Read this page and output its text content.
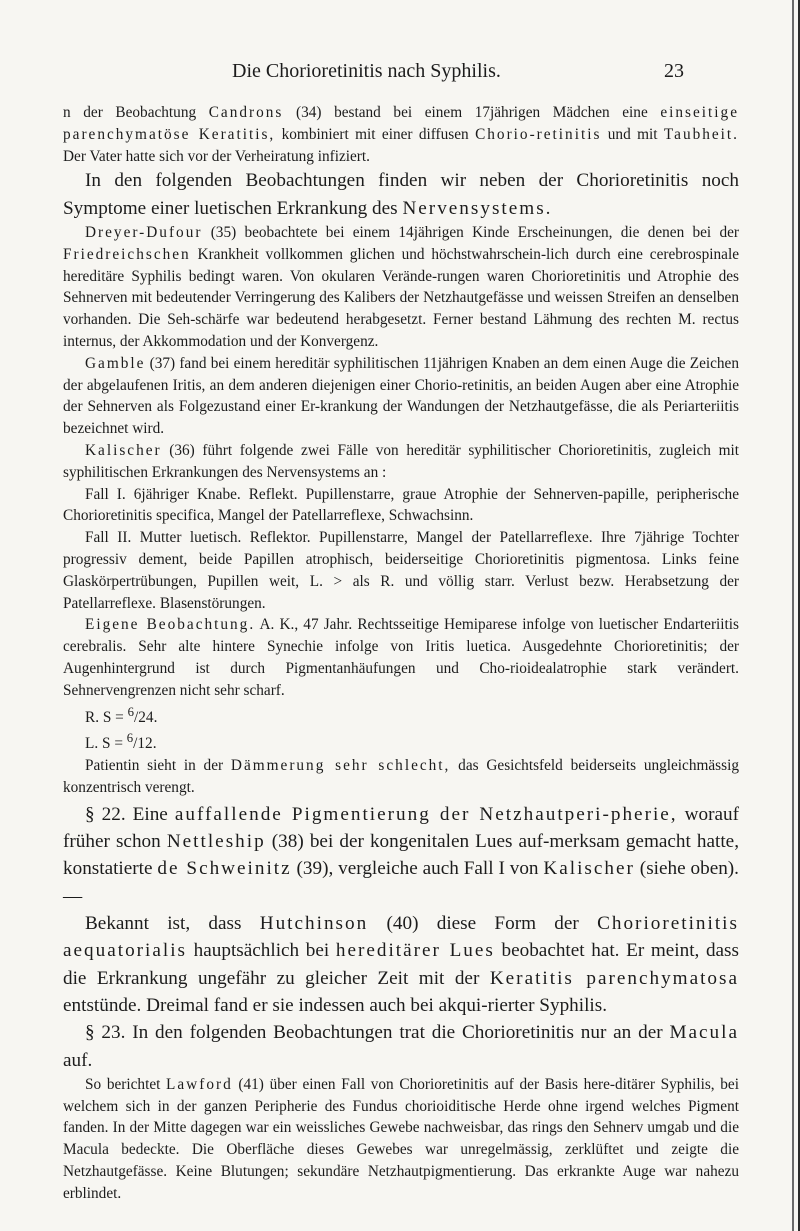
Die Chorioretinitis nach Syphilis.	23

n der Beobachtung Candrons (34) bestand bei einem 17jährigen Mädchen eine einseitige parenchymatöse Keratitis, kombiniert mit einer diffusen Chorio-retinitis und mit Taubheit. Der Vater hatte sich vor der Verheiratung infiziert.

In den folgenden Beobachtungen finden wir neben der Chorioretinitis noch Symptome einer luetischen Erkrankung des Nervensystems.

Dreyer-Dufour (35) beobachtete bei einem 14jährigen Kinde Erscheinungen, die denen bei der Friedreichschen Krankheit vollkommen glichen und höchstwahrschein-lich durch eine cerebrospinale hereditäre Syphilis bedingt waren. Von okularen Verände-rungen waren Chorioretinitis und Atrophie des Sehnerven mit bedeutender Verringerung des Kalibers der Netzhautgefässe und weissen Streifen an denselben vorhanden. Die Seh-schärfe war bedeutend herabgesetzt. Ferner bestand Lähmung des rechten M. rectus internus, der Akkommodation und der Konvergenz.

Gamble (37) fand bei einem hereditär syphilitischen 11jährigen Knaben an dem einen Auge die Zeichen der abgelaufenen Iritis, an dem anderen diejenigen einer Chorio-retinitis, an beiden Augen aber eine Atrophie der Sehnerven als Folgezustand einer Er-krankung der Wandungen der Netzhautgefässe, die als Periarteriitis bezeichnet wird.

Kalischer (36) führt folgende zwei Fälle von hereditär syphilitischer Chorioretinitis, zugleich mit syphilitischen Erkrankungen des Nervensystems an :

Fall I. 6jähriger Knabe. Reflekt. Pupillenstarre, graue Atrophie der Sehnerven-papille, peripherische Chorioretinitis specifica, Mangel der Patellarreflexe, Schwachsinn.

Fall II. Mutter luetisch. Reflektor. Pupillenstarre, Mangel der Patellarreflexe. Ihre 7jährige Tochter progressiv dement, beide Papillen atrophisch, beiderseitige Chorioretinitis pigmentosa. Links feine Glaskörpertrübungen, Pupillen weit, L. > als R. und völlig starr. Verlust bezw. Herabsetzung der Patellarreflexe. Blasenstörungen.

Eigene Beobachtung. A. K., 47 Jahr. Rechtsseitige Hemiparese infolge von luetischer Endarteriitis cerebralis. Sehr alte hintere Synechie infolge von Iritis luetica. Ausgedehnte Chorioretinitis; der Augenhintergrund ist durch Pigmentanhäufungen und Cho-rioidealatrophie stark verändert. Sehnervengrenzen nicht sehr scharf.

R. S = $^6$/24.

L. S = $^6$/12.

Patientin sieht in der Dämmerung sehr schlecht, das Gesichtsfeld beiderseits ungleichmässig konzentrisch verengt.

§ 22. Eine auffallende Pigmentierung der Netzhautperi-pherie, worauf früher schon Nettleship (38) bei der kongenitalen Lues auf-merksam gemacht hatte, konstatierte de Schweinitz (39), vergleiche auch Fall I von Kalischer (siehe oben). —

Bekannt ist, dass Hutchinson (40) diese Form der Chorioretinitis aequatorialis hauptsächlich bei hereditärer Lues beobachtet hat. Er meint, dass die Erkrankung ungefähr zu gleicher Zeit mit der Keratitis parenchymatosa entstünde. Dreimal fand er sie indessen auch bei akqui-rierter Syphilis.

§ 23. In den folgenden Beobachtungen trat die Chorioretinitis nur an der Macula auf.

So berichtet Lawford (41) über einen Fall von Chorioretinitis auf der Basis here-ditärer Syphilis, bei welchem sich in der ganzen Peripherie des Fundus chorioiditische Herde ohne irgend welches Pigment fanden. In der Mitte dagegen war ein weissliches Gewebe nachweisbar, das rings den Sehnerv umgab und die Macula bedeckte. Die Oberfläche dieses Gewebes war unregelmässig, zerklüftet und zeigte die Netzhautgefässe. Keine Blutungen; sekundäre Netzhautpigmentierung. Das erkrankte Auge war nahezu erblindet.
